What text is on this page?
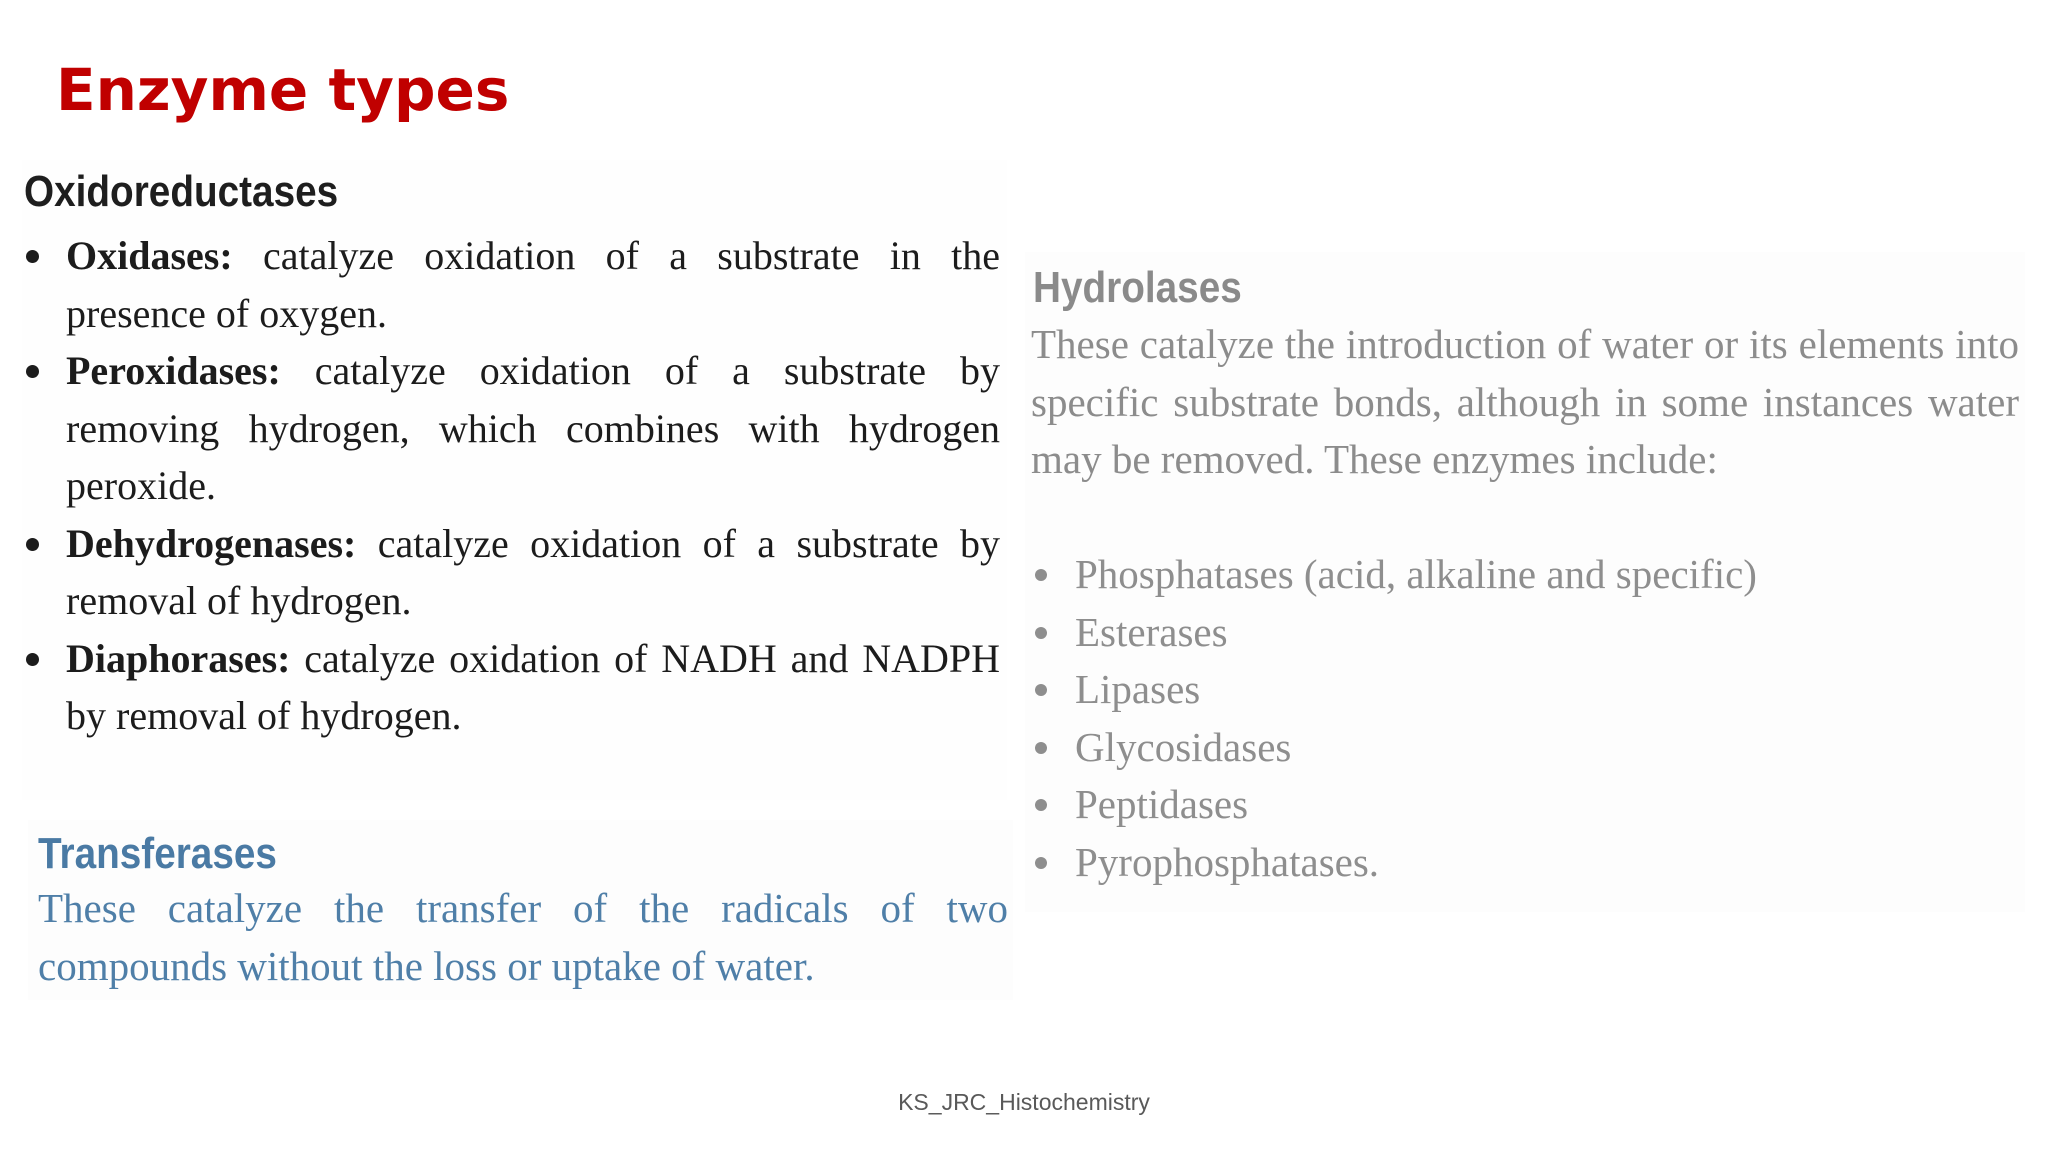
Enzyme types
Oxidoreductases
Oxidases: catalyze oxidation of a substrate in the presence of oxygen.
Peroxidases: catalyze oxidation of a substrate by removing hydrogen, which combines with hydrogen peroxide.
Dehydrogenases: catalyze oxidation of a substrate by removal of hydrogen.
Diaphorases: catalyze oxidation of NADH and NADPH by removal of hydrogen.
Transferases

These catalyze the transfer of the radicals of two compounds without the loss or uptake of water.

Hydrolases

These catalyze the introduction of water or its elements into specific substrate bonds, although in some instances water may be removed. These enzymes include:

Phosphatases (acid, alkaline and specific)
Esterases
Lipases
Glycosidases
Peptidases
Pyrophosphatases.
KS_JRC_Histochemistry
